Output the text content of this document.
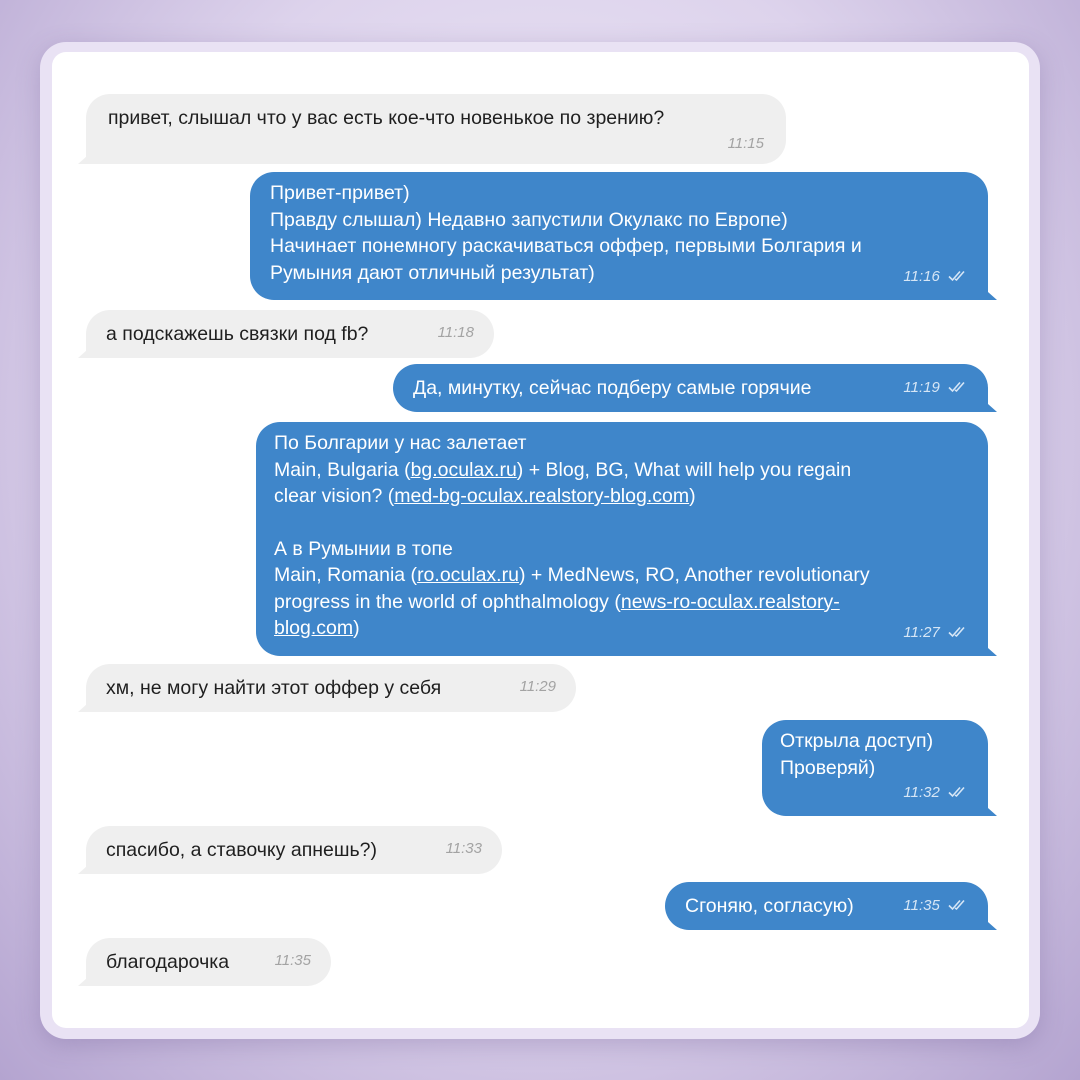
привет, слышал что у вас есть кое-что новенькое по зрению?
11:15
Привет-привет)
Правду слышал) Недавно запустили Окулакс по Европе)
Начинает понемногу раскачиваться оффер, первыми Болгария и
Румыния дают отличный результат)	11:16
а подскажешь связки под fb?	11:18
Да, минутку, сейчас подберу самые горячие	11:19
По Болгарии у нас залетает
Main, Bulgaria (bg.oculax.ru) + Blog, BG, What will help you regain
clear vision? (med-bg-oculax.realstory-blog.com)
А в Румынии в топе
Main, Romania (ro.oculax.ru) + MedNews, RO, Another revolutionary
progress in the world of ophthalmology (news-ro-oculax.realstory-
blog.com)	11:27
хм, не могу найти этот оффер у себя	11:29
Открыла доступ)
Проверяй)
11:32
спасибо, а ставочку апнешь?)	11:33
Сгоняю, согласую)	11:35
благодарочка	11:35
